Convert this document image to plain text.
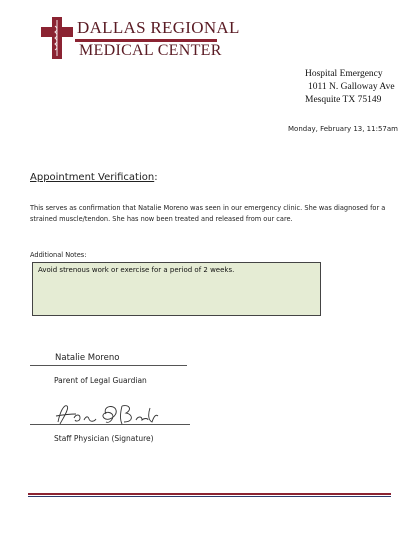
DALLAS REGIONAL
MEDICAL CENTER
Hospital Emergency
1011 N. Galloway Ave
Mesquite TX 75149
Monday, February 13, 11:57am
Appointment Verification:
This serves as confirmation that Natalie Moreno was seen in our emergency clinic. She was diagnosed for a strained muscle/tendon. She has now been treated and released from our care.
Additional Notes:
Avoid strenous work or exercise for a period of 2 weeks.
Natalie Moreno
Parent of Legal Guardian
Staff Physician (Signature)
